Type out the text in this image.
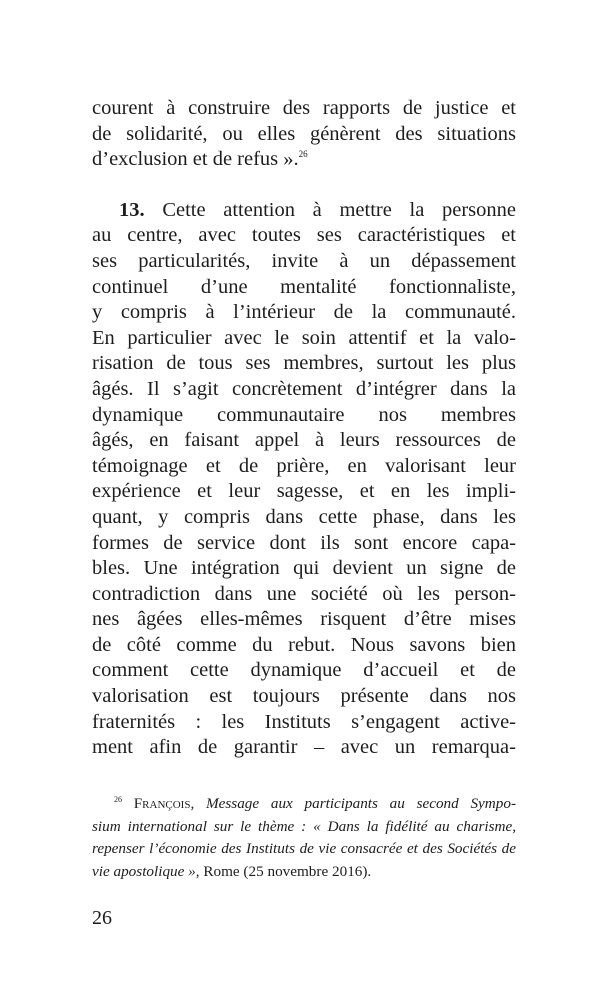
courent à construire des rapports de justice et
de solidarité, ou elles génèrent des situations
d’exclusion et de refus ».$^{26}$
13. Cette attention à mettre la personne
au centre, avec toutes ses caractéristiques et
ses particularités, invite à un dépassement
continuel d’une mentalité fonctionnaliste,
y compris à l’intérieur de la communauté.
En particulier avec le soin attentif et la valo-
risation de tous ses membres, surtout les plus
âgés. Il s’agit concrètement d’intégrer dans la
dynamique communautaire nos membres
âgés, en faisant appel à leurs ressources de
témoignage et de prière, en valorisant leur
expérience et leur sagesse, et en les impli-
quant, y compris dans cette phase, dans les
formes de service dont ils sont encore capa-
bles. Une intégration qui devient un signe de
contradiction dans une société où les person-
nes âgées elles-mêmes risquent d’être mises
de côté comme du rebut. Nous savons bien
comment cette dynamique d’accueil et de
valorisation est toujours présente dans nos
fraternités : les Instituts s’engagent active-
ment afin de garantir – avec un remarqua-
$^{26}$ François, Message aux participants au second Sympo-
sium international sur le thème : « Dans la fidélité au charisme,
repenser l’économie des Instituts de vie consacrée et des Sociétés de
vie apostolique », Rome (25 novembre 2016).
26
